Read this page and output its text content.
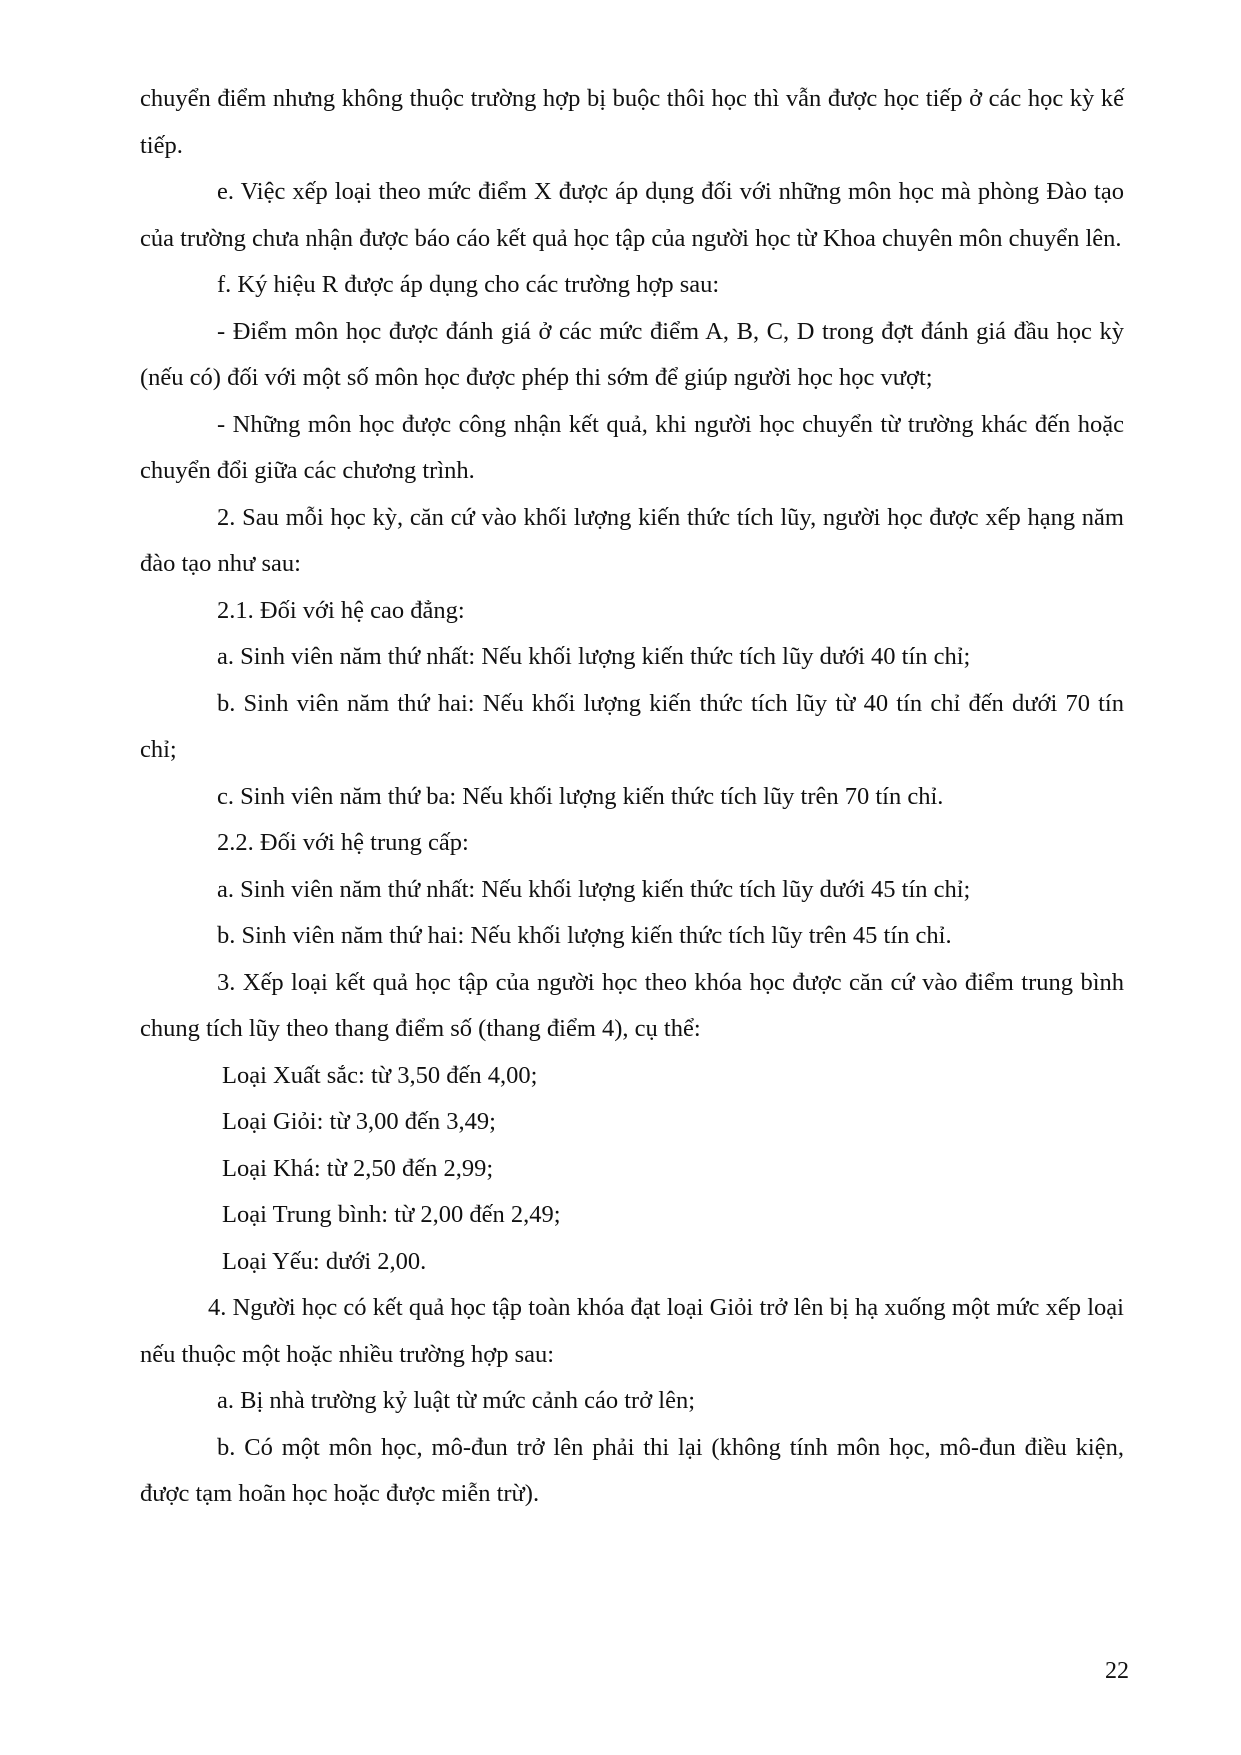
chuyển điểm nhưng không thuộc trường hợp bị buộc thôi học thì vẫn được học tiếp ở các học kỳ kế tiếp.

e. Việc xếp loại theo mức điểm X được áp dụng đối với những môn học mà phòng Đào tạo của trường chưa nhận được báo cáo kết quả học tập của người học từ Khoa chuyên môn chuyển lên.

f. Ký hiệu R được áp dụng cho các trường hợp sau:

- Điểm môn học được đánh giá ở các mức điểm A, B, C, D trong đợt đánh giá đầu học kỳ (nếu có) đối với một số môn học được phép thi sớm để giúp người học học vượt;

- Những môn học được công nhận kết quả, khi người học chuyển từ trường khác đến hoặc chuyển đổi giữa các chương trình.

2. Sau mỗi học kỳ, căn cứ vào khối lượng kiến thức tích lũy, người học được xếp hạng năm đào tạo như sau:

2.1. Đối với hệ cao đẳng:

a. Sinh viên năm thứ nhất: Nếu khối lượng kiến thức tích lũy dưới 40 tín chỉ;

b. Sinh viên năm thứ hai: Nếu khối lượng kiến thức tích lũy từ 40 tín chỉ đến dưới 70 tín chỉ;

c. Sinh viên năm thứ ba: Nếu khối lượng kiến thức tích lũy trên 70 tín chỉ.

2.2. Đối với hệ trung cấp:

a. Sinh viên năm thứ nhất: Nếu khối lượng kiến thức tích lũy dưới 45 tín chỉ;

b. Sinh viên năm thứ hai: Nếu khối lượng kiến thức tích lũy trên 45 tín chỉ.

3. Xếp loại kết quả học tập của người học theo khóa học được căn cứ vào điểm trung bình chung tích lũy theo thang điểm số (thang điểm 4), cụ thể:

Loại Xuất sắc: từ 3,50 đến 4,00;

Loại Giỏi: từ 3,00 đến 3,49;

Loại Khá: từ 2,50 đến 2,99;

Loại Trung bình: từ 2,00 đến 2,49;

Loại Yếu: dưới 2,00.

4. Người học có kết quả học tập toàn khóa đạt loại Giỏi trở lên bị hạ xuống một mức xếp loại nếu thuộc một hoặc nhiều trường hợp sau:

a. Bị nhà trường kỷ luật từ mức cảnh cáo trở lên;

b. Có một môn học, mô-đun trở lên phải thi lại (không tính môn học, mô-đun điều kiện, được tạm hoãn học hoặc được miễn trừ).

22
